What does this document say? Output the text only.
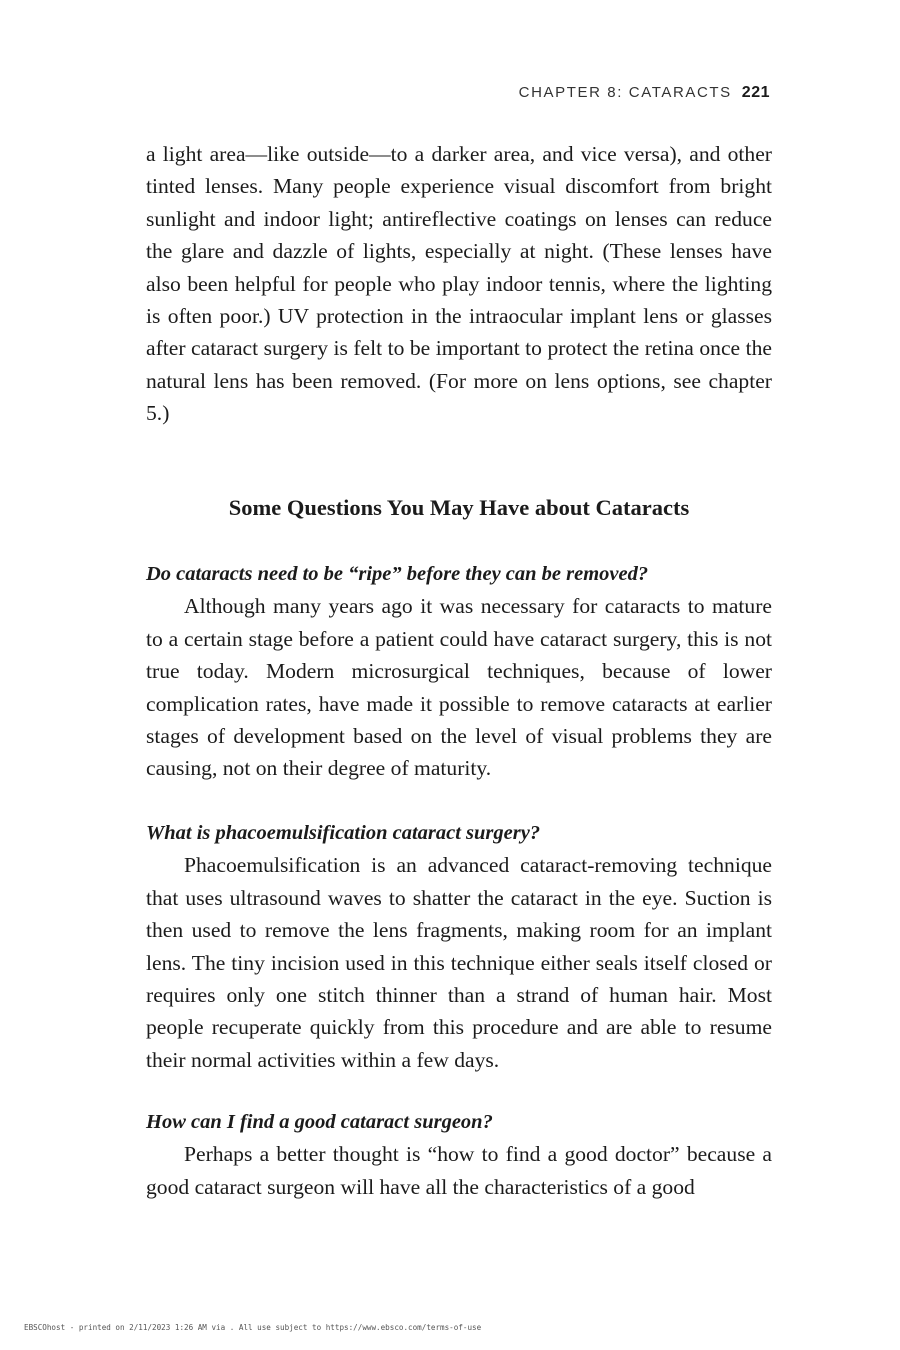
CHAPTER 8: CATARACTS 221

a light area—like outside—to a darker area, and vice versa), and other tinted lenses. Many people experience visual discomfort from bright sunlight and indoor light; antireflective coatings on lenses can reduce the glare and dazzle of lights, especially at night. (These lenses have also been helpful for people who play indoor tennis, where the lighting is often poor.) UV protection in the intraocular implant lens or glasses after cataract surgery is felt to be important to protect the retina once the natural lens has been removed. (For more on lens options, see chapter 5.)

Some Questions You May Have about Cataracts

Do cataracts need to be “ripe” before they can be removed?

Although many years ago it was necessary for cataracts to mature to a certain stage before a patient could have cataract surgery, this is not true today. Modern microsurgical techniques, because of lower complication rates, have made it possible to remove cataracts at earlier stages of development based on the level of visual problems they are causing, not on their degree of maturity.

What is phacoemulsification cataract surgery?

Phacoemulsification is an advanced cataract-removing technique that uses ultrasound waves to shatter the cataract in the eye. Suction is then used to remove the lens fragments, making room for an implant lens. The tiny incision used in this technique either seals itself closed or requires only one stitch thinner than a strand of human hair. Most people recuperate quickly from this procedure and are able to resume their normal activities within a few days.

How can I find a good cataract surgeon?

Perhaps a better thought is “how to find a good doctor” because a good cataract surgeon will have all the characteristics of a good

EBSCOhost - printed on 2/11/2023 1:26 AM via . All use subject to https://www.ebsco.com/terms-of-use
